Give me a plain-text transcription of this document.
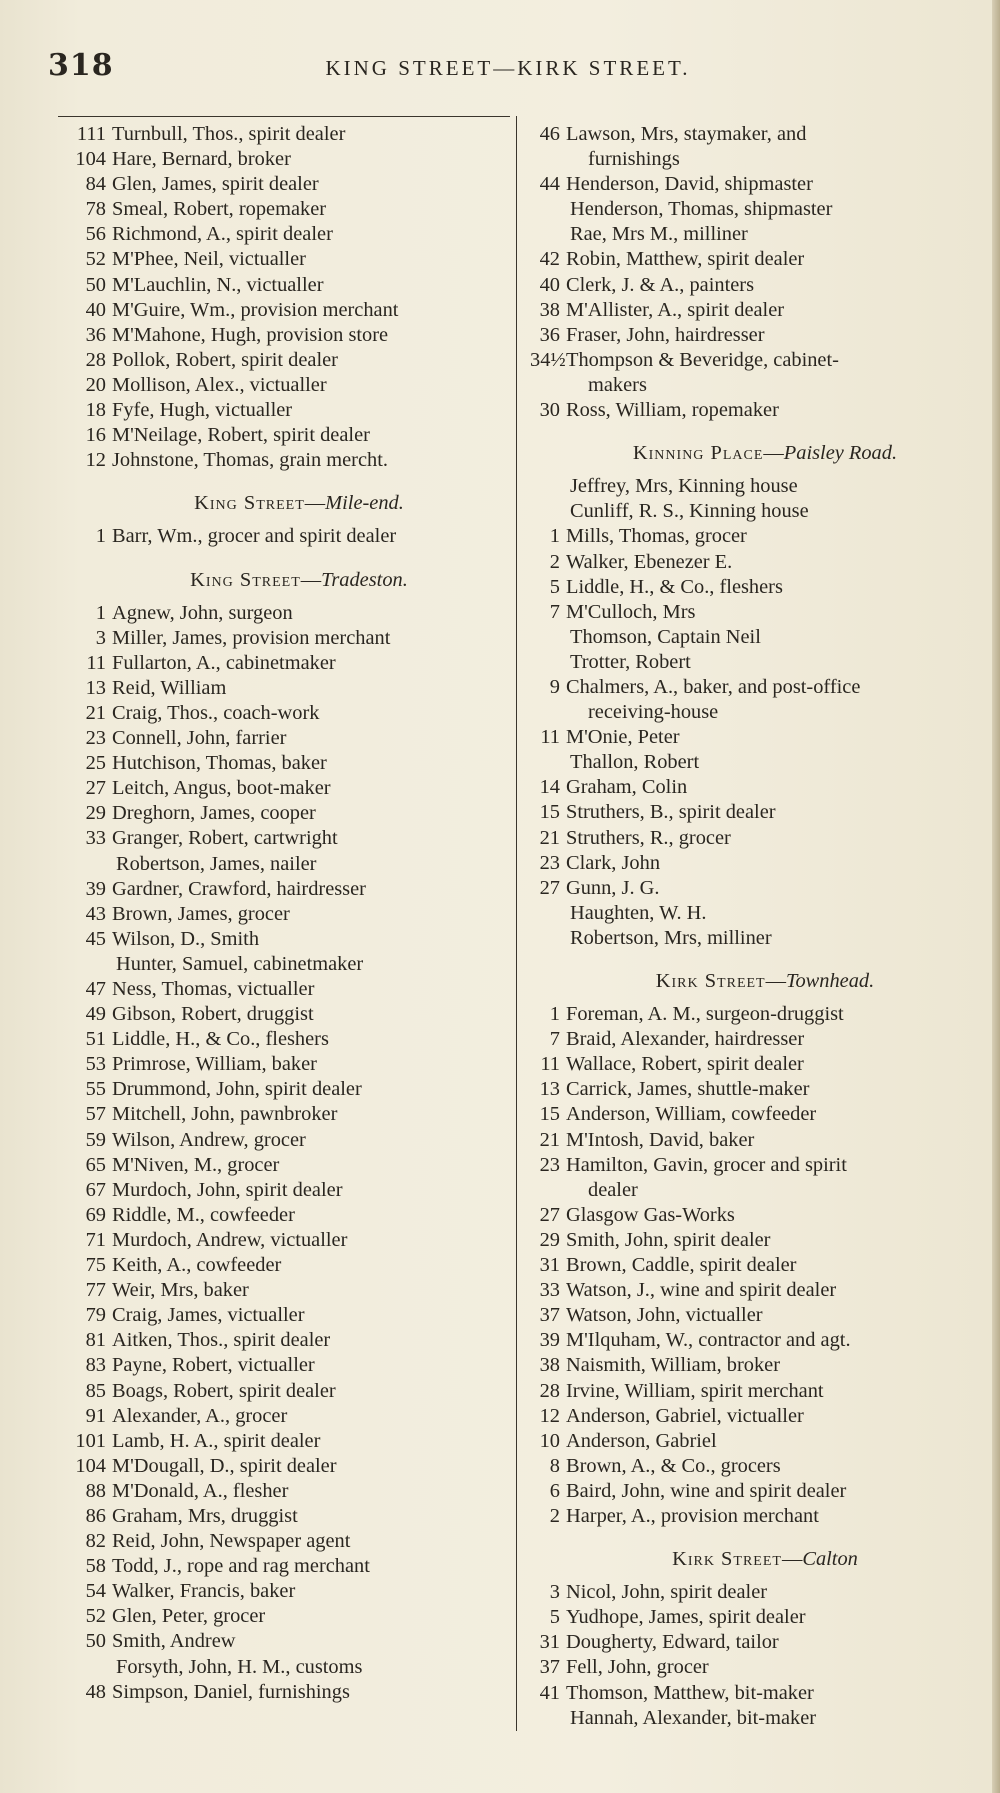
318	KING STREET—KIRK STREET.
111 Turnbull, Thos., spirit dealer
104 Hare, Bernard, broker
84 Glen, James, spirit dealer
78 Smeal, Robert, ropemaker
56 Richmond, A., spirit dealer
52 M'Phee, Neil, victualler
50 M'Lauchlin, N., victualler
40 M'Guire, Wm., provision merchant
36 M'Mahone, Hugh, provision store
28 Pollok, Robert, spirit dealer
20 Mollison, Alex., victualler
18 Fyfe, Hugh, victualler
16 M'Neilage, Robert, spirit dealer
12 Johnstone, Thomas, grain mercht.
King Street—Mile-end.
1 Barr, Wm., grocer and spirit dealer
King Street—Tradeston.
1 Agnew, John, surgeon
3 Miller, James, provision merchant
11 Fullarton, A., cabinetmaker
13 Reid, William
21 Craig, Thos., coach-work
23 Connell, John, farrier
25 Hutchison, Thomas, baker
27 Leitch, Angus, boot-maker
29 Dreghorn, James, cooper
33 Granger, Robert, cartwright
Robertson, James, nailer
39 Gardner, Crawford, hairdresser
43 Brown, James, grocer
45 Wilson, D., Smith
Hunter, Samuel, cabinetmaker
47 Ness, Thomas, victualler
49 Gibson, Robert, druggist
51 Liddle, H., & Co., fleshers
53 Primrose, William, baker
55 Drummond, John, spirit dealer
57 Mitchell, John, pawnbroker
59 Wilson, Andrew, grocer
65 M'Niven, M., grocer
67 Murdoch, John, spirit dealer
69 Riddle, M., cowfeeder
71 Murdoch, Andrew, victualler
75 Keith, A., cowfeeder
77 Weir, Mrs, baker
79 Craig, James, victualler
81 Aitken, Thos., spirit dealer
83 Payne, Robert, victualler
85 Boags, Robert, spirit dealer
91 Alexander, A., grocer
101 Lamb, H. A., spirit dealer
104 M'Dougall, D., spirit dealer
88 M'Donald, A., flesher
86 Graham, Mrs, druggist
82 Reid, John, Newspaper agent
58 Todd, J., rope and rag merchant
54 Walker, Francis, baker
52 Glen, Peter, grocer
50 Smith, Andrew
Forsyth, John, H. M., customs
48 Simpson, Daniel, furnishings
46 Lawson, Mrs, staymaker, and
furnishings
44 Henderson, David, shipmaster
Henderson, Thomas, shipmaster
Rae, Mrs M., milliner
42 Robin, Matthew, spirit dealer
40 Clerk, J. & A., painters
38 M'Allister, A., spirit dealer
36 Fraser, John, hairdresser
34½ Thompson & Beveridge, cabinet-
makers
30 Ross, William, ropemaker
Kinning Place—Paisley Road.
Jeffrey, Mrs, Kinning house
Cunliff, R. S., Kinning house
1 Mills, Thomas, grocer
2 Walker, Ebenezer E.
5 Liddle, H., & Co., fleshers
7 M'Culloch, Mrs
Thomson, Captain Neil
Trotter, Robert
9 Chalmers, A., baker, and post-office
receiving-house
11 M'Onie, Peter
Thallon, Robert
14 Graham, Colin
15 Struthers, B., spirit dealer
21 Struthers, R., grocer
23 Clark, John
27 Gunn, J. G.
Haughten, W. H.
Robertson, Mrs, milliner
Kirk Street—Townhead.
1 Foreman, A. M., surgeon-druggist
7 Braid, Alexander, hairdresser
11 Wallace, Robert, spirit dealer
13 Carrick, James, shuttle-maker
15 Anderson, William, cowfeeder
21 M'Intosh, David, baker
23 Hamilton, Gavin, grocer and spirit
dealer
27 Glasgow Gas-Works
29 Smith, John, spirit dealer
31 Brown, Caddle, spirit dealer
33 Watson, J., wine and spirit dealer
37 Watson, John, victualler
39 M'Ilquham, W., contractor and agt.
38 Naismith, William, broker
28 Irvine, William, spirit merchant
12 Anderson, Gabriel, victualler
10 Anderson, Gabriel
8 Brown, A., & Co., grocers
6 Baird, John, wine and spirit dealer
2 Harper, A., provision merchant
Kirk Street—Calton
3 Nicol, John, spirit dealer
5 Yudhope, James, spirit dealer
31 Dougherty, Edward, tailor
37 Fell, John, grocer
41 Thomson, Matthew, bit-maker
Hannah, Alexander, bit-maker
